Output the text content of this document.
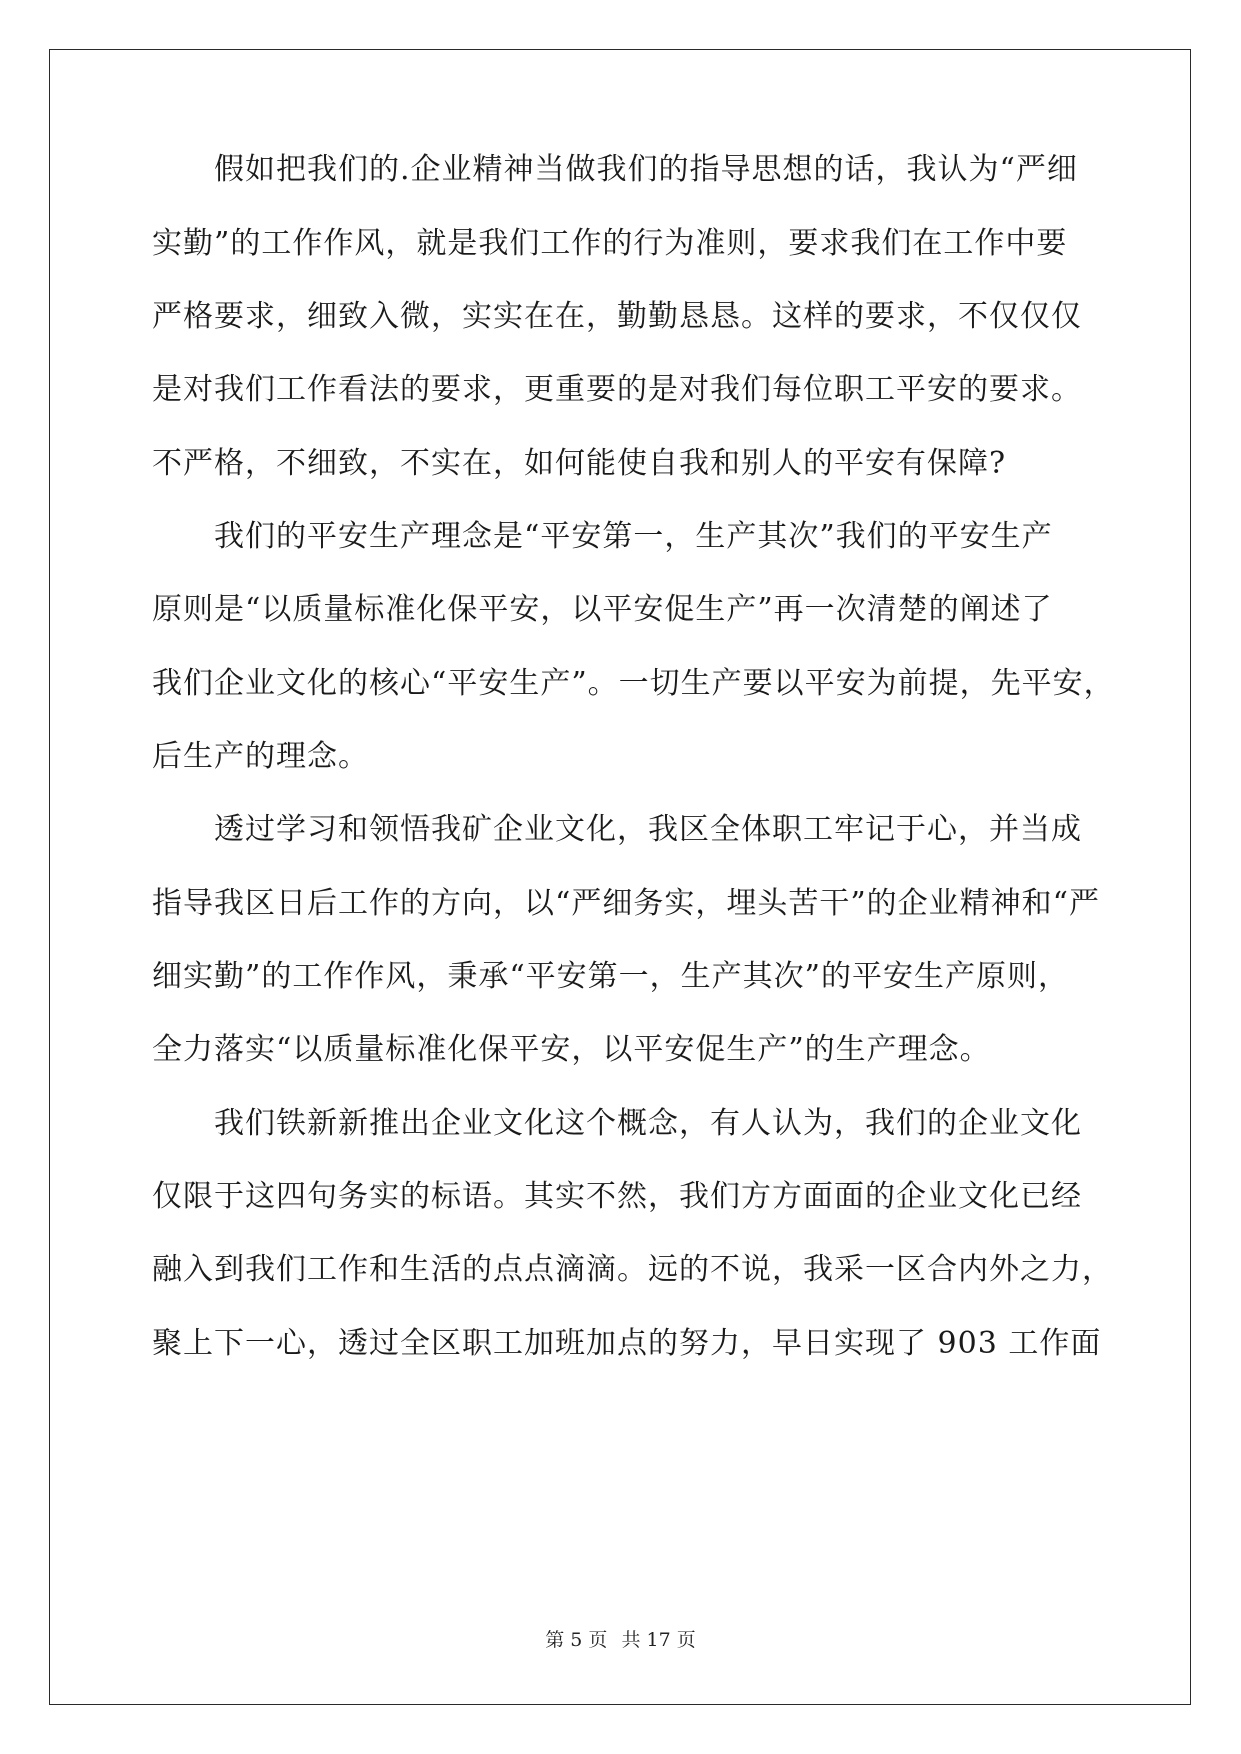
　　假如把我们的.企业精神当做我们的指导思想的话，我认为“严细
实勤”的工作作风，就是我们工作的行为准则，要求我们在工作中要
严格要求，细致入微，实实在在，勤勤恳恳。这样的要求，不仅仅仅
是对我们工作看法的要求，更重要的是对我们每位职工平安的要求。
不严格，不细致，不实在，如何能使自我和别人的平安有保障?
　　我们的平安生产理念是“平安第一，生产其次”我们的平安生产
原则是“以质量标准化保平安，以平安促生产”再一次清楚的阐述了
我们企业文化的核心“平安生产”。一切生产要以平安为前提，先平安，
后生产的理念。
　　透过学习和领悟我矿企业文化，我区全体职工牢记于心，并当成
指导我区日后工作的方向，以“严细务实，埋头苦干”的企业精神和“严
细实勤”的工作作风，秉承“平安第一，生产其次”的平安生产原则，
全力落实“以质量标准化保平安，以平安促生产”的生产理念。
　　我们铁新新推出企业文化这个概念，有人认为，我们的企业文化
仅限于这四句务实的标语。其实不然，我们方方面面的企业文化已经
融入到我们工作和生活的点点滴滴。远的不说，我采一区合内外之力，
聚上下一心，透过全区职工加班加点的努力，早日实现了 903 工作面
第 5 页 共 17 页
